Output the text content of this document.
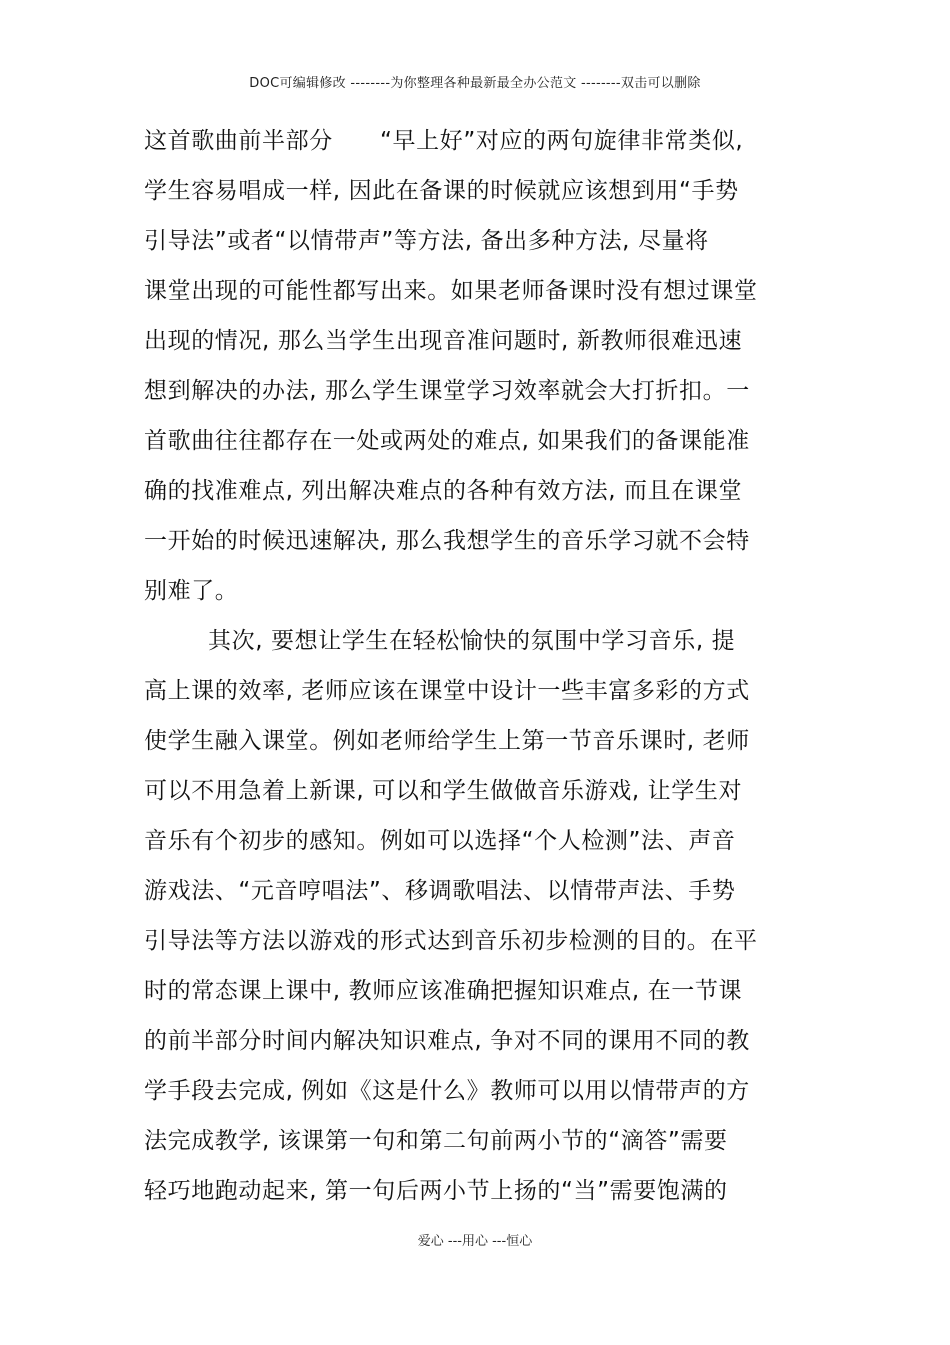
DOC可编辑修改 --------为你整理各种最新最全办公范文 --------双击可以删除
这首歌曲前半部分　　“早上好”对应的两句旋律非常类似,
学生容易唱成一样, 因此在备课的时候就应该想到用“手势
引导法”或者“以情带声”等方法, 备出多种方法, 尽量将
课堂出现的可能性都写出来。如果老师备课时没有想过课堂
出现的情况, 那么当学生出现音准问题时, 新教师很难迅速
想到解决的办法, 那么学生课堂学习效率就会大打折扣。一
首歌曲往往都存在一处或两处的难点, 如果我们的备课能准
确的找准难点, 列出解决难点的各种有效方法, 而且在课堂
一开始的时候迅速解决, 那么我想学生的音乐学习就不会特
别难了。
其次, 要想让学生在轻松愉快的氛围中学习音乐, 提
高上课的效率, 老师应该在课堂中设计一些丰富多彩的方式
使学生融入课堂。例如老师给学生上第一节音乐课时, 老师
可以不用急着上新课, 可以和学生做做音乐游戏, 让学生对
音乐有个初步的感知。例如可以选择“个人检测”法、声音
游戏法、“元音哼唱法”、移调歌唱法、以情带声法、手势
引导法等方法以游戏的形式达到音乐初步检测的目的。在平
时的常态课上课中, 教师应该准确把握知识难点, 在一节课
的前半部分时间内解决知识难点, 争对不同的课用不同的教
学手段去完成, 例如《这是什么》教师可以用以情带声的方
法完成教学, 该课第一句和第二句前两小节的“滴答”需要
轻巧地跑动起来, 第一句后两小节上扬的“当”需要饱满的
爱心 ---用心 ---恒心
